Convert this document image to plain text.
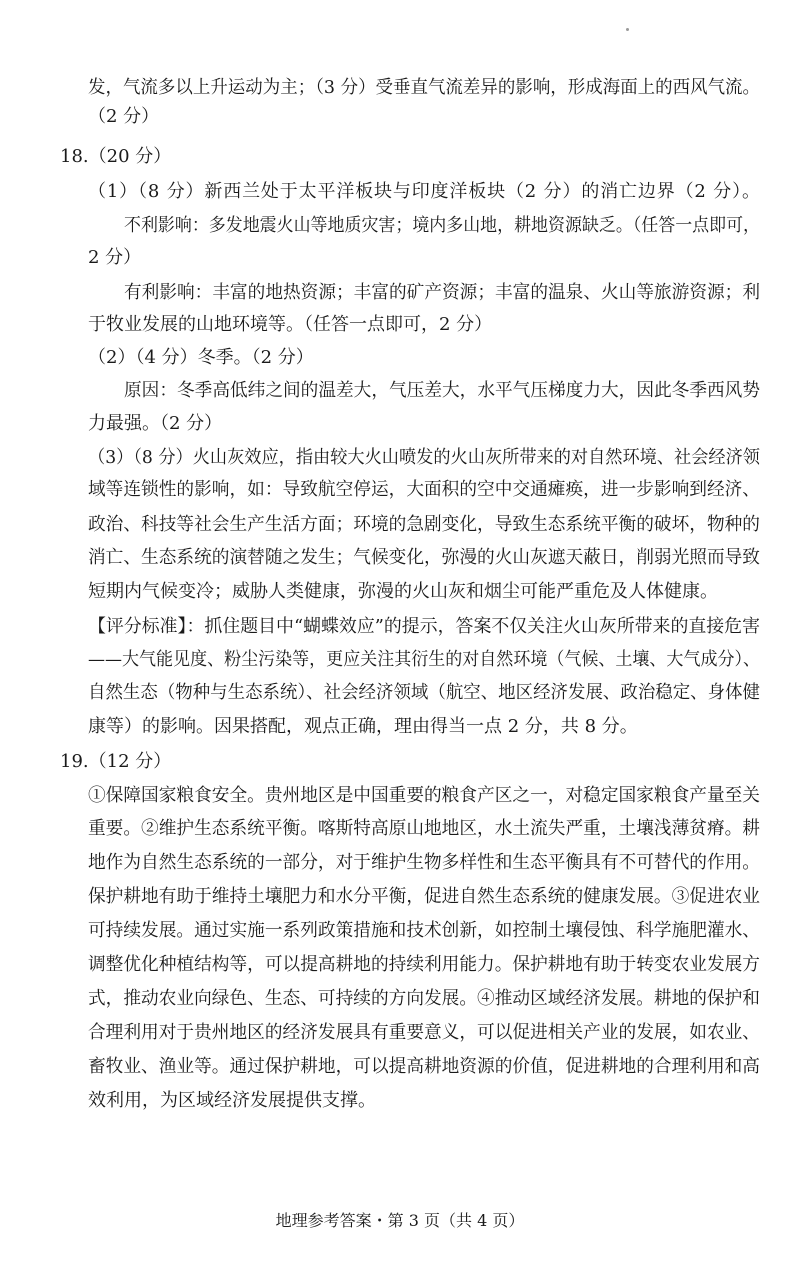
发，气流多以上升运动为主；（3 分）受垂直气流差异的影响，形成海面上的西风气流。
（2 分）
18.（20 分）
（1）（8 分）新西兰处于太平洋板块与印度洋板块（2 分）的消亡边界（2 分）。
不利影响：多发地震火山等地质灾害；境内多山地，耕地资源缺乏。（任答一点即可，
2 分）
有利影响：丰富的地热资源；丰富的矿产资源；丰富的温泉、火山等旅游资源；利
于牧业发展的山地环境等。（任答一点即可，2 分）
（2）（4 分）冬季。（2 分）
原因：冬季高低纬之间的温差大，气压差大，水平气压梯度力大，因此冬季西风势
力最强。（2 分）
（3）（8 分）火山灰效应，指由较大火山喷发的火山灰所带来的对自然环境、社会经济领
域等连锁性的影响，如：导致航空停运，大面积的空中交通瘫痪，进一步影响到经济、
政治、科技等社会生产生活方面；环境的急剧变化，导致生态系统平衡的破坏，物种的
消亡、生态系统的演替随之发生；气候变化，弥漫的火山灰遮天蔽日，削弱光照而导致
短期内气候变冷；威胁人类健康，弥漫的火山灰和烟尘可能严重危及人体健康。
【评分标准】：抓住题目中“蝴蝶效应”的提示，答案不仅关注火山灰所带来的直接危害
——大气能见度、粉尘污染等，更应关注其衍生的对自然环境（气候、土壤、大气成分）、
自然生态（物种与生态系统）、社会经济领域（航空、地区经济发展、政治稳定、身体健
康等）的影响。因果搭配，观点正确，理由得当一点 2 分，共 8 分。
19.（12 分）
①保障国家粮食安全。贵州地区是中国重要的粮食产区之一，对稳定国家粮食产量至关
重要。②维护生态系统平衡。喀斯特高原山地地区，水土流失严重，土壤浅薄贫瘠。耕
地作为自然生态系统的一部分，对于维护生物多样性和生态平衡具有不可替代的作用。
保护耕地有助于维持土壤肥力和水分平衡，促进自然生态系统的健康发展。③促进农业
可持续发展。通过实施一系列政策措施和技术创新，如控制土壤侵蚀、科学施肥灌水、
调整优化种植结构等，可以提高耕地的持续利用能力。保护耕地有助于转变农业发展方
式，推动农业向绿色、生态、可持续的方向发展。④推动区域经济发展。耕地的保护和
合理利用对于贵州地区的经济发展具有重要意义，可以促进相关产业的发展，如农业、
畜牧业、渔业等。通过保护耕地，可以提高耕地资源的价值，促进耕地的合理利用和高
效利用，为区域经济发展提供支撑。
地理参考答案・第 3 页（共 4 页）
